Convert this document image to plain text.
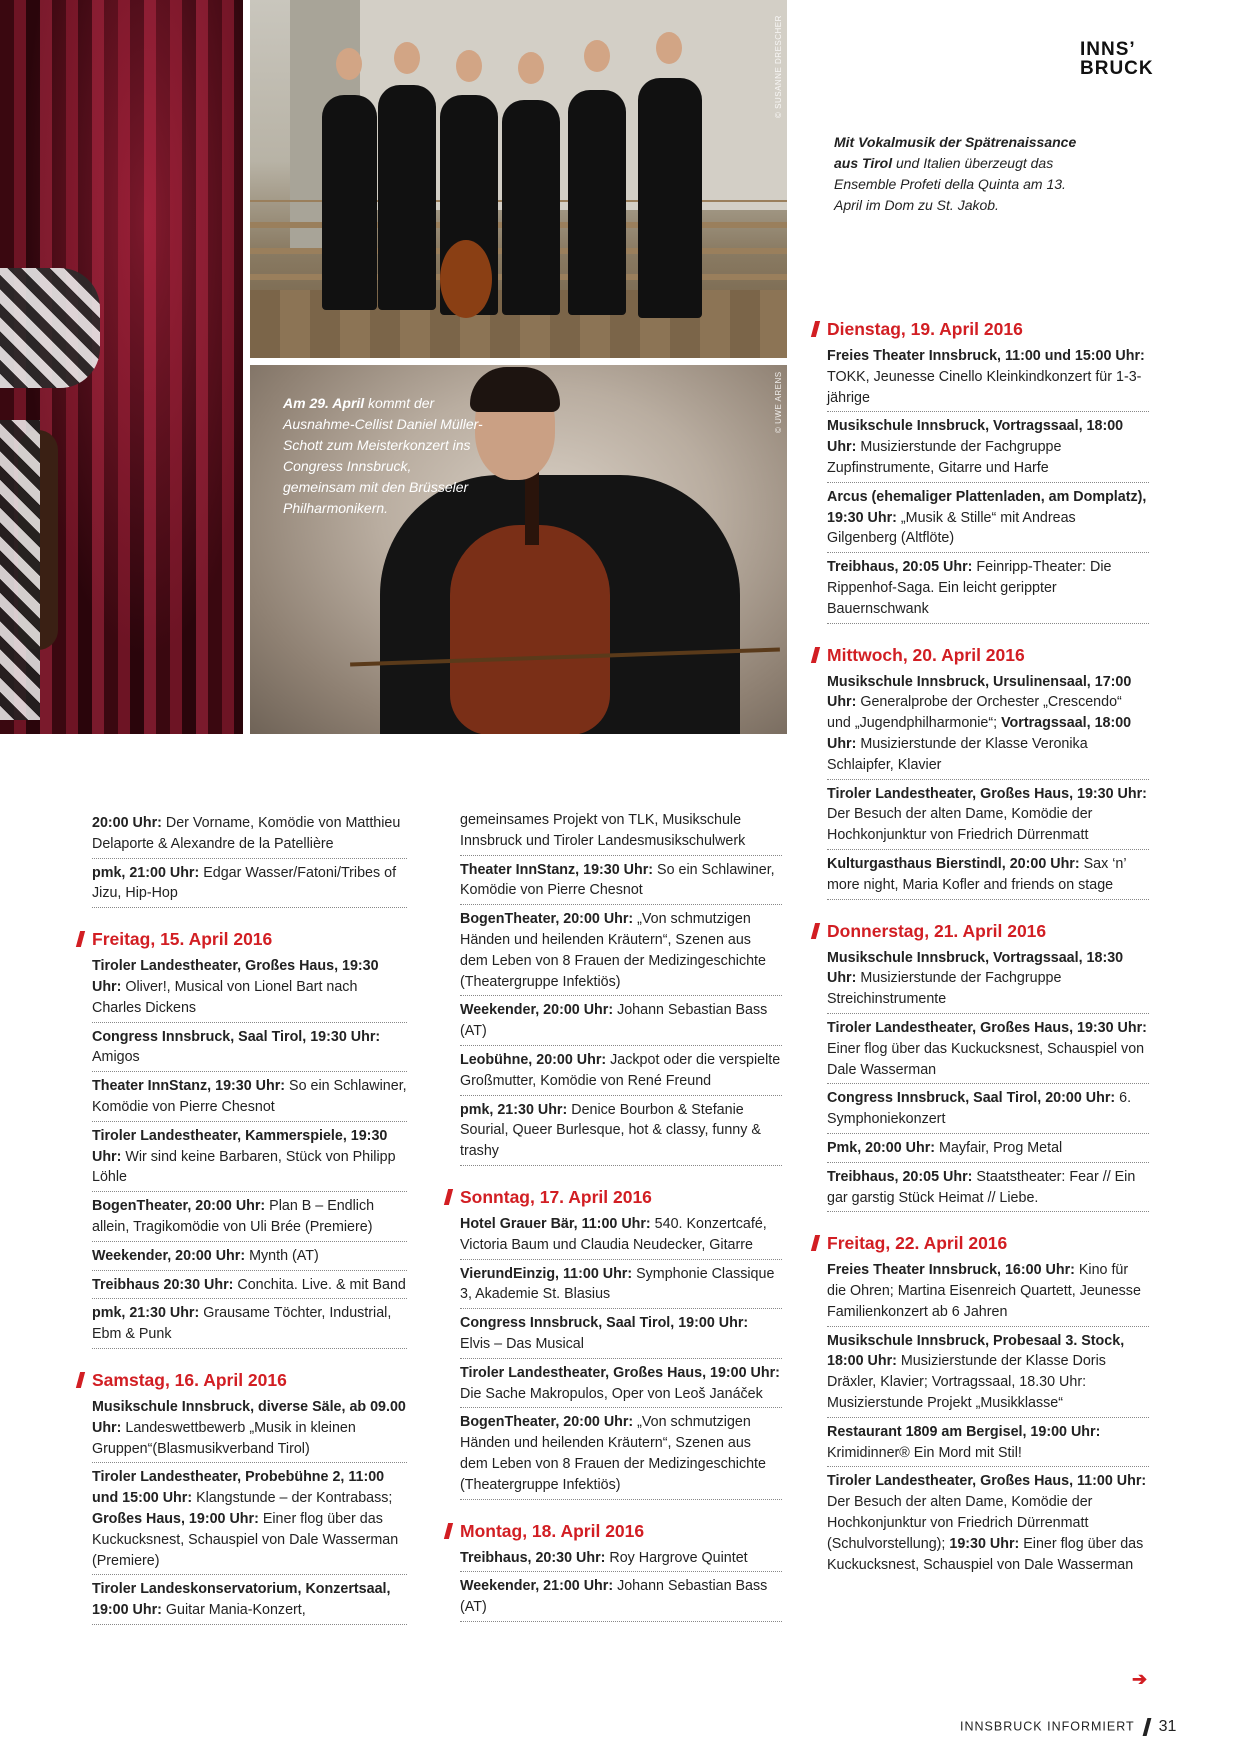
© SUSANNE DRESCHER
© UWE ARENS
INNS’
BRUCK
Mit Vokalmusik der Spätrenaissance aus Tirol und Italien überzeugt das Ensemble Profeti della Quinta am 13. April im Dom zu St. Jakob.
Am 29. April kommt der Ausnahme-Cellist Daniel Müller-Schott zum Meisterkonzert ins Congress Innsbruck, gemeinsam mit den Brüsseler Philharmonikern.
20:00 Uhr: Der Vorname, Komödie von Matthieu Delaporte & Alexandre de la Patellière
pmk, 21:00 Uhr: Edgar Wasser/Fatoni/Tribes of Jizu, Hip-Hop
Freitag, 15. April 2016
Tiroler Landestheater, Großes Haus, 19:30 Uhr: Oliver!, Musical von Lionel Bart nach Charles Dickens
Congress Innsbruck, Saal Tirol, 19:30 Uhr: Amigos
Theater InnStanz, 19:30 Uhr: So ein Schlawiner, Komödie von Pierre Chesnot
Tiroler Landestheater, Kammerspiele, 19:30 Uhr: Wir sind keine Barbaren, Stück von Philipp Löhle
BogenTheater, 20:00 Uhr: Plan B – Endlich allein, Tragikomödie von Uli Brée (Premiere)
Weekender, 20:00 Uhr: Mynth (AT)
Treibhaus 20:30 Uhr: Conchita. Live. & mit Band
pmk, 21:30 Uhr: Grausame Töchter, Industrial, Ebm & Punk
Samstag, 16. April 2016
Musikschule Innsbruck, diverse Säle, ab 09.00 Uhr: Landeswettbewerb „Musik in kleinen Gruppen“(Blasmusikverband Tirol)
Tiroler Landestheater, Probebühne 2, 11:00 und 15:00 Uhr: Klangstunde – der Kontrabass; Großes Haus, 19:00 Uhr: Einer flog über das Kuckucksnest, Schauspiel von Dale Wasserman (Premiere)
Tiroler Landeskonservatorium, Konzertsaal, 19:00 Uhr: Guitar Mania-Konzert,
gemeinsames Projekt von TLK, Musikschule Innsbruck und Tiroler Landesmusikschulwerk
Theater InnStanz, 19:30 Uhr: So ein Schlawiner, Komödie von Pierre Chesnot
BogenTheater, 20:00 Uhr: „Von schmutzigen Händen und heilenden Kräutern“, Szenen aus dem Leben von 8 Frauen der Medizingeschichte (Theatergruppe Infektiös)
Weekender, 20:00 Uhr: Johann Sebastian Bass (AT)
Leobühne, 20:00 Uhr: Jackpot oder die verspielte Großmutter, Komödie von René Freund
pmk, 21:30 Uhr: Denice Bourbon & Stefanie Sourial, Queer Burlesque, hot & classy, funny & trashy
Sonntag, 17. April 2016
Hotel Grauer Bär, 11:00 Uhr: 540. Konzertcafé, Victoria Baum und Claudia Neudecker, Gitarre
VierundEinzig, 11:00 Uhr: Symphonie Classique 3, Akademie St. Blasius
Congress Innsbruck, Saal Tirol, 19:00 Uhr: Elvis – Das Musical
Tiroler Landestheater, Großes Haus, 19:00 Uhr: Die Sache Makropulos, Oper von Leoš Janáček
BogenTheater, 20:00 Uhr: „Von schmutzigen Händen und heilenden Kräutern“, Szenen aus dem Leben von 8 Frauen der Medizingeschichte (Theatergruppe Infektiös)
Montag, 18. April 2016
Treibhaus, 20:30 Uhr: Roy Hargrove Quintet
Weekender, 21:00 Uhr: Johann Sebastian Bass (AT)
Dienstag, 19. April 2016
Freies Theater Innsbruck, 11:00 und 15:00 Uhr: TOKK, Jeunesse Cinello Kleinkindkonzert für 1-3-jährige
Musikschule Innsbruck, Vortragssaal, 18:00 Uhr: Musizierstunde der Fachgruppe Zupfinstrumente, Gitarre und Harfe
Arcus (ehemaliger Plattenladen, am Domplatz), 19:30 Uhr: „Musik & Stille“ mit Andreas Gilgenberg (Altflöte)
Treibhaus, 20:05 Uhr: Feinripp-Theater: Die Rippenhof-Saga. Ein leicht gerippter Bauernschwank
Mittwoch, 20. April 2016
Musikschule Innsbruck, Ursulinensaal, 17:00 Uhr: Generalprobe der Orchester „Crescendo“ und „Jugendphilharmonie“; Vortragssaal, 18:00 Uhr: Musizierstunde der Klasse Veronika Schlaipfer, Klavier
Tiroler Landestheater, Großes Haus, 19:30 Uhr: Der Besuch der alten Dame, Komödie der Hochkonjunktur von Friedrich Dürrenmatt
Kulturgasthaus Bierstindl, 20:00 Uhr: Sax ‘n’ more night, Maria Kofler and friends on stage
Donnerstag, 21. April 2016
Musikschule Innsbruck, Vortragssaal, 18:30 Uhr: Musizierstunde der Fachgruppe Streichinstrumente
Tiroler Landestheater, Großes Haus, 19:30 Uhr: Einer flog über das Kuckucksnest, Schauspiel von Dale Wasserman
Congress Innsbruck, Saal Tirol, 20:00 Uhr: 6. Symphoniekonzert
Pmk, 20:00 Uhr: Mayfair, Prog Metal
Treibhaus, 20:05 Uhr: Staatstheater: Fear // Ein gar garstig Stück Heimat // Liebe.
Freitag, 22. April 2016
Freies Theater Innsbruck, 16:00 Uhr: Kino für die Ohren; Martina Eisenreich Quartett, Jeunesse Familienkonzert ab 6 Jahren
Musikschule Innsbruck, Probesaal 3. Stock, 18:00 Uhr: Musizierstunde der Klasse Doris Dräxler, Klavier; Vortragssaal, 18.30 Uhr: Musizierstunde Projekt „Musikklasse“
Restaurant 1809 am Bergisel, 19:00 Uhr: Krimidinner® Ein Mord mit Stil!
Tiroler Landestheater, Großes Haus, 11:00 Uhr: Der Besuch der alten Dame, Komödie der Hochkonjunktur von Friedrich Dürrenmatt (Schulvorstellung); 19:30 Uhr: Einer flog über das Kuckucksnest, Schauspiel von Dale Wasserman
➔
INNSBRUCK INFORMIERT 31
